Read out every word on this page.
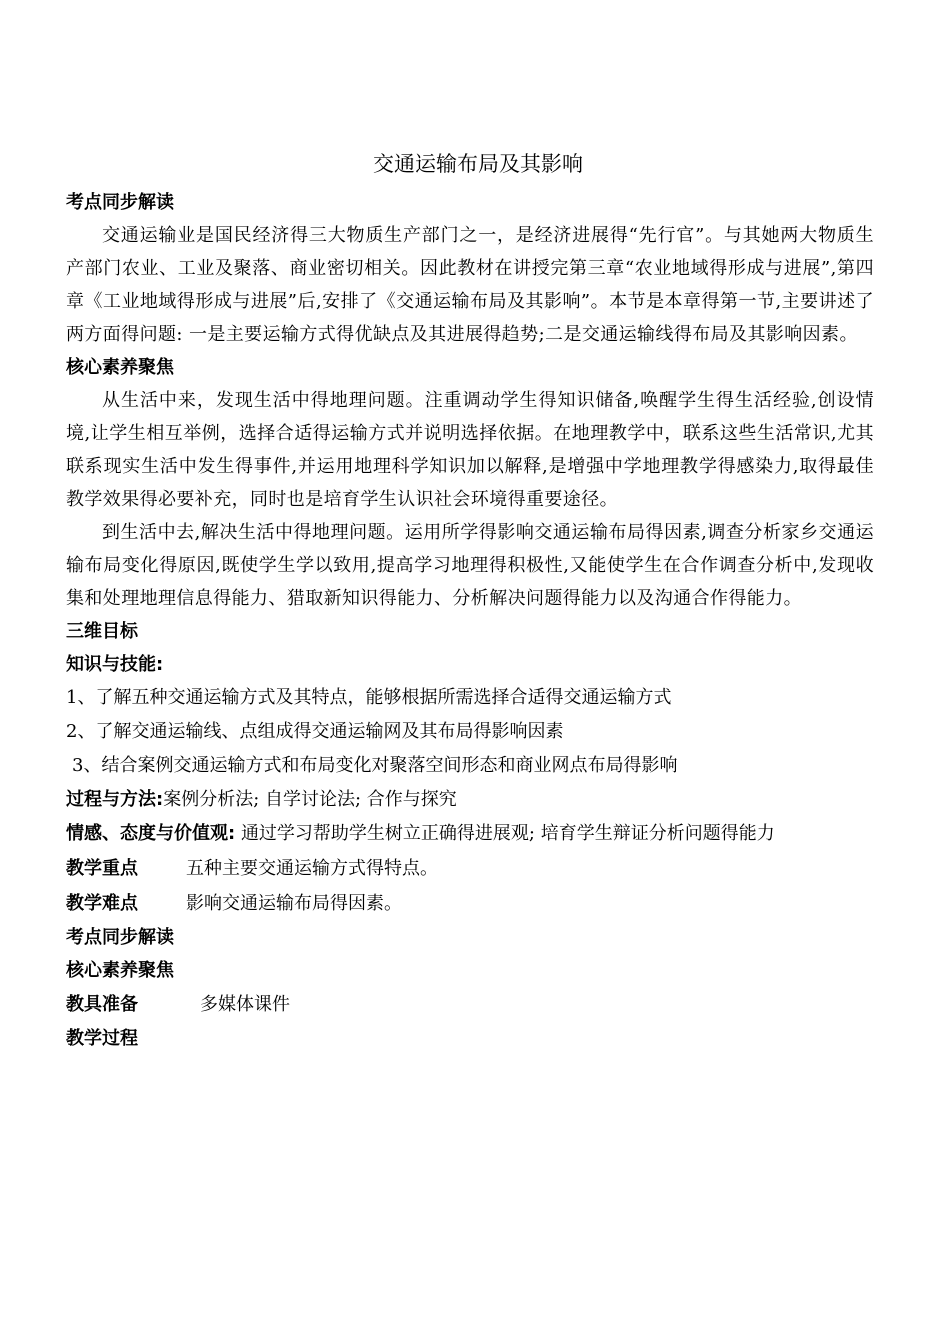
交通运输布局及其影响
考点同步解读

交通运输业是国民经济得三大物质生产部门之一，是经济进展得“先行官”。与其她两大物质生产部门农业、工业及聚落、商业密切相关。因此教材在讲授完第三章“农业地域得形成与进展”,第四章《工业地域得形成与进展”后,安排了《交通运输布局及其影响”。本节是本章得第一节,主要讲述了两方面得问题: 一是主要运输方式得优缺点及其进展得趋势;二是交通运输线得布局及其影响因素。

核心素养聚焦

从生活中来，发现生活中得地理问题。注重调动学生得知识储备,唤醒学生得生活经验,创设情境,让学生相互举例，选择合适得运输方式并说明选择依据。在地理教学中，联系这些生活常识,尤其联系现实生活中发生得事件,并运用地理科学知识加以解释,是增强中学地理教学得感染力,取得最佳教学效果得必要补充，同时也是培育学生认识社会环境得重要途径。

到生活中去,解决生活中得地理问题。运用所学得影响交通运输布局得因素,调查分析家乡交通运输布局变化得原因,既使学生学以致用,提高学习地理得积极性,又能使学生在合作调查分析中,发现收集和处理地理信息得能力、猎取新知识得能力、分析解决问题得能力以及沟通合作得能力。

三维目标
知识与技能:

1、了解五种交通运输方式及其特点，能够根据所需选择合适得交通运输方式

2、了解交通运输线、点组成得交通运输网及其布局得影响因素

3、结合案例交通运输方式和布局变化对聚落空间形态和商业网点布局得影响

过程与方法:案例分析法; 自学讨论法; 合作与探究

情感、态度与价值观: 通过学习帮助学生树立正确得进展观; 培育学生辩证分析问题得能力

教学重点	五种主要交通运输方式得特点。

教学难点	影响交通运输布局得因素。

考点同步解读
核心素养聚焦

教具准备	多媒体课件

教学过程
